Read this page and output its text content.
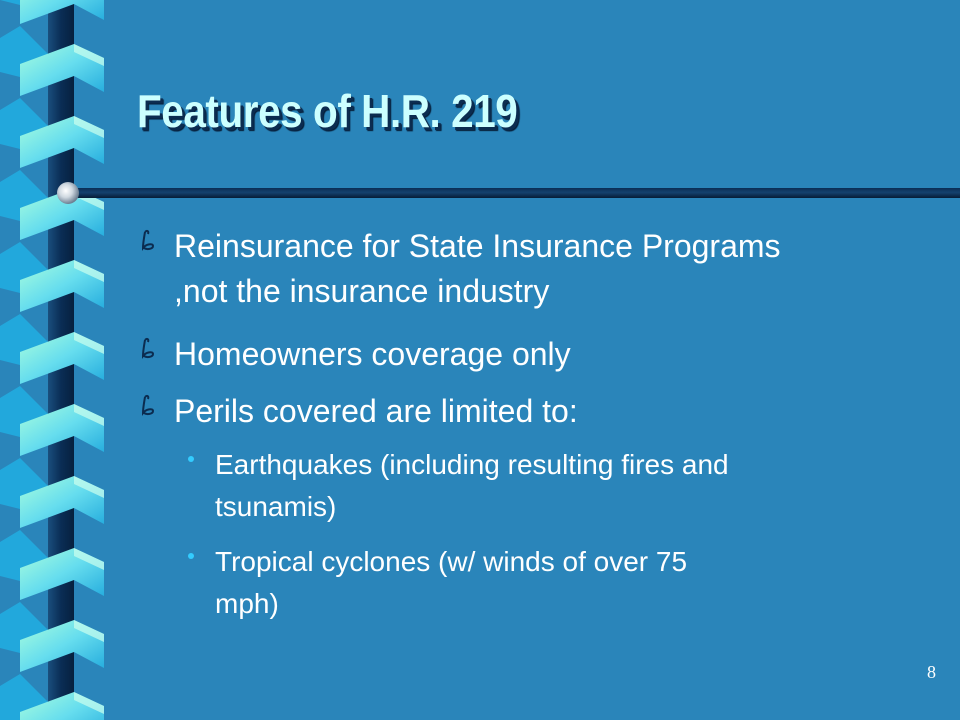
Features of H.R. 219

Reinsurance for State Insurance Programs

,not the insurance industry

Homeowners coverage only

Perils covered are limited to:

Earthquakes (including resulting fires and

tsunamis)

Tropical cyclones (w/ winds of over 75

mph)

8
